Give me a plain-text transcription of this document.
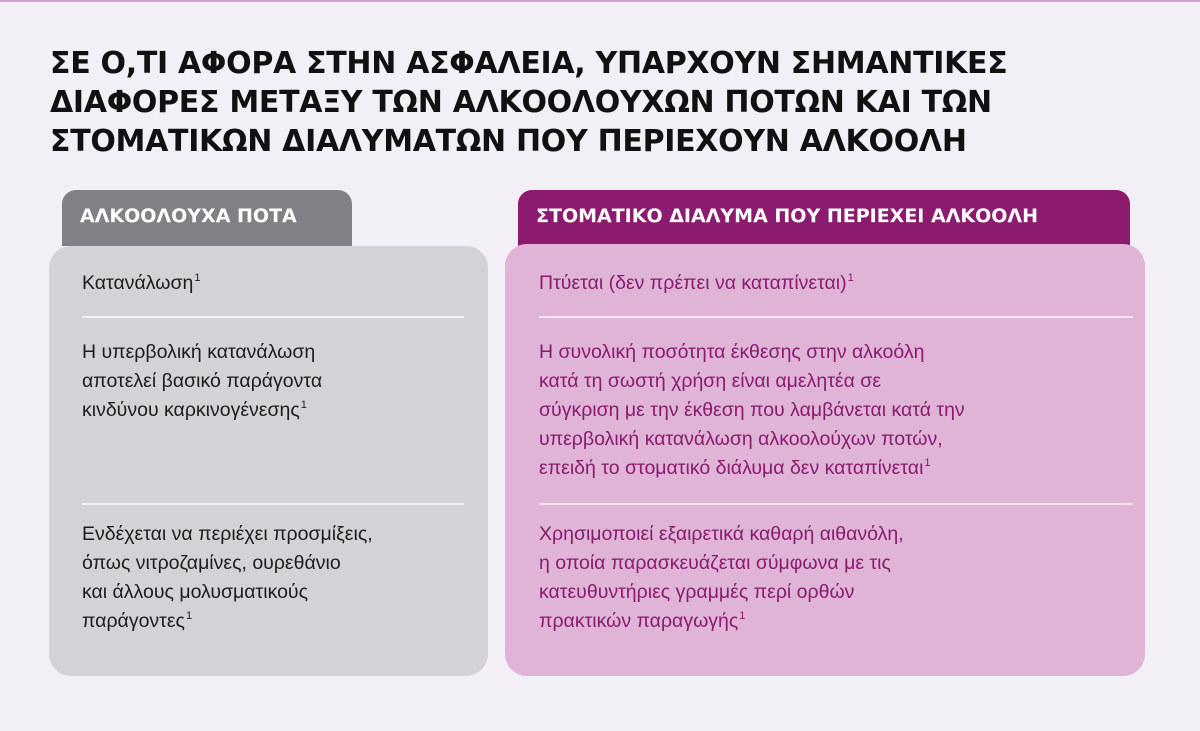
ΣΕ Ο,ΤΙ ΑΦΟΡΑ ΣΤΗΝ ΑΣΦΑΛΕΙΑ, ΥΠΑΡΧΟΥΝ ΣΗΜΑΝΤΙΚΕΣ
ΔΙΑΦΟΡΕΣ ΜΕΤΑΞΥ ΤΩΝ ΑΛΚΟΟΛΟΥΧΩΝ ΠΟΤΩΝ ΚΑΙ ΤΩΝ
ΣΤΟΜΑΤΙΚΩΝ ΔΙΑΛΥΜΑΤΩΝ ΠΟΥ ΠΕΡΙΕΧΟΥΝ ΑΛΚΟΟΛΗ
ΑΛΚΟΟΛΟΥΧΑ ΠΟΤΑ

Κατανάλωση$^1$

Η υπερβολική κατανάλωση
αποτελεί βασικό παράγοντα
κινδύνου καρκινογένεσης$^1$

Ενδέχεται να περιέχει προσμίξεις,
όπως νιτροζαμίνες, ουρεθάνιο
και άλλους μολυσματικούς
παράγοντες$^1$

ΣΤΟΜΑΤΙΚΟ ΔΙΑΛΥΜΑ ΠΟΥ ΠΕΡΙΕΧΕΙ ΑΛΚΟΟΛΗ

Πτύεται (δεν πρέπει να καταπίνεται)$^1$

Η συνολική ποσότητα έκθεσης στην αλκοόλη
κατά τη σωστή χρήση είναι αμελητέα σε
σύγκριση με την έκθεση που λαμβάνεται κατά την
υπερβολική κατανάλωση αλκοολούχων ποτών,
επειδή το στοματικό διάλυμα δεν καταπίνεται$^1$

Χρησιμοποιεί εξαιρετικά καθαρή αιθανόλη,
η οποία παρασκευάζεται σύμφωνα με τις
κατευθυντήριες γραμμές περί ορθών
πρακτικών παραγωγής$^1$
